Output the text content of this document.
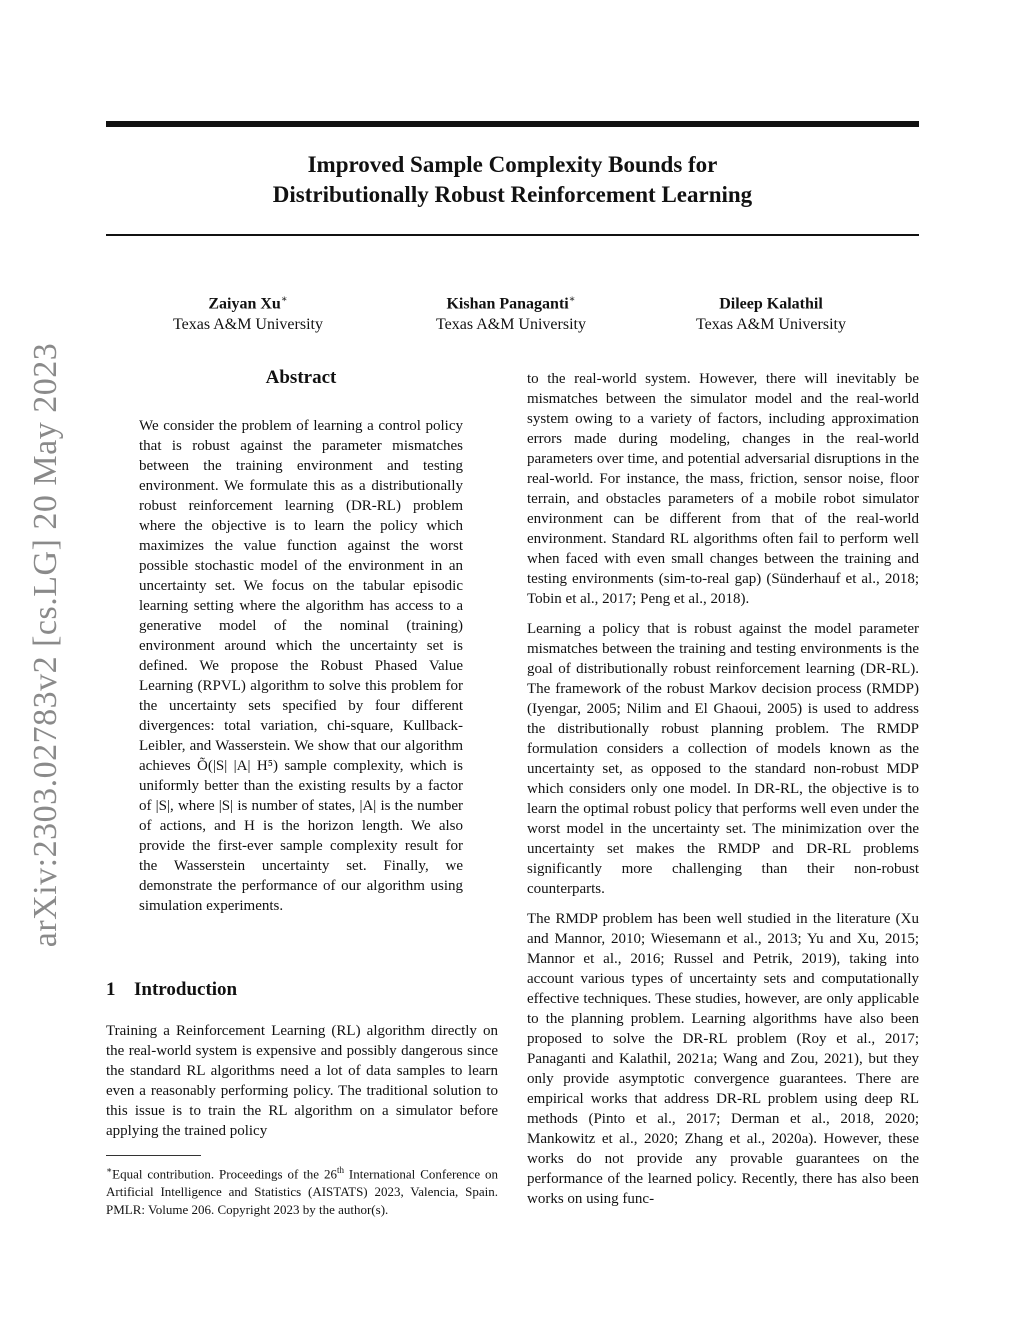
Improved Sample Complexity Bounds for
Distributionally Robust Reinforcement Learning
Zaiyan Xu∗
Texas A&M University
Kishan Panaganti∗
Texas A&M University
Dileep Kalathil
Texas A&M University
arXiv:2303.02783v2 [cs.LG] 20 May 2023	Abstract
We consider the problem of learning a control policy that is robust against the parameter mismatches between the training environment and testing environment. We formulate this as a distributionally robust reinforcement learning (DR-RL) problem where the objective is to learn the policy which maximizes the value function against the worst possible stochastic model of the environment in an uncertainty set. We focus on the tabular episodic learning setting where the algorithm has access to a generative model of the nominal (training) environment around which the uncertainty set is defined. We propose the Robust Phased Value Learning (RPVL) algorithm to solve this problem for the uncertainty sets specified by four different divergences: total variation, chi-square, Kullback-Leibler, and Wasserstein. We show that our algorithm achieves Õ(|S| |A| H⁵) sample complexity, which is uniformly better than the existing results by a factor of |S|, where |S| is number of states, |A| is the number of actions, and H is the horizon length. We also provide the first-ever sample complexity result for the Wasserstein uncertainty set. Finally, we demonstrate the performance of our algorithm using simulation experiments.
1 Introduction
Training a Reinforcement Learning (RL) algorithm directly on the real-world system is expensive and possibly dangerous since the standard RL algorithms need a lot of data samples to learn even a reasonably performing policy. The traditional solution to this issue is to train the RL algorithm on a simulator before applying the trained policy
∗Equal contribution. Proceedings of the 26th International Conference on Artificial Intelligence and Statistics (AISTATS) 2023, Valencia, Spain. PMLR: Volume 206. Copyright 2023 by the author(s).

to the real-world system. However, there will inevitably be mismatches between the simulator model and the real-world system owing to a variety of factors, including approximation errors made during modeling, changes in the real-world parameters over time, and potential adversarial disruptions in the real-world. For instance, the mass, friction, sensor noise, floor terrain, and obstacles parameters of a mobile robot simulator environment can be different from that of the real-world environment. Standard RL algorithms often fail to perform well when faced with even small changes between the training and testing environments (sim-to-real gap) (Sünderhauf et al., 2018; Tobin et al., 2017; Peng et al., 2018).

Learning a policy that is robust against the model parameter mismatches between the training and testing environments is the goal of distributionally robust reinforcement learning (DR-RL). The framework of the robust Markov decision process (RMDP) (Iyengar, 2005; Nilim and El Ghaoui, 2005) is used to address the distributionally robust planning problem. The RMDP formulation considers a collection of models known as the uncertainty set, as opposed to the standard non-robust MDP which considers only one model. In DR-RL, the objective is to learn the optimal robust policy that performs well even under the worst model in the uncertainty set. The minimization over the uncertainty set makes the RMDP and DR-RL problems significantly more challenging than their non-robust counterparts.

The RMDP problem has been well studied in the literature (Xu and Mannor, 2010; Wiesemann et al., 2013; Yu and Xu, 2015; Mannor et al., 2016; Russel and Petrik, 2019), taking into account various types of uncertainty sets and computationally effective techniques. These studies, however, are only applicable to the planning problem. Learning algorithms have also been proposed to solve the DR-RL problem (Roy et al., 2017; Panaganti and Kalathil, 2021a; Wang and Zou, 2021), but they only provide asymptotic convergence guarantees. There are empirical works that address DR-RL problem using deep RL methods (Pinto et al., 2017; Derman et al., 2018, 2020; Mankowitz et al., 2020; Zhang et al., 2020a). However, these works do not provide any provable guarantees on the performance of the learned policy. Recently, there has also been works on using func-
